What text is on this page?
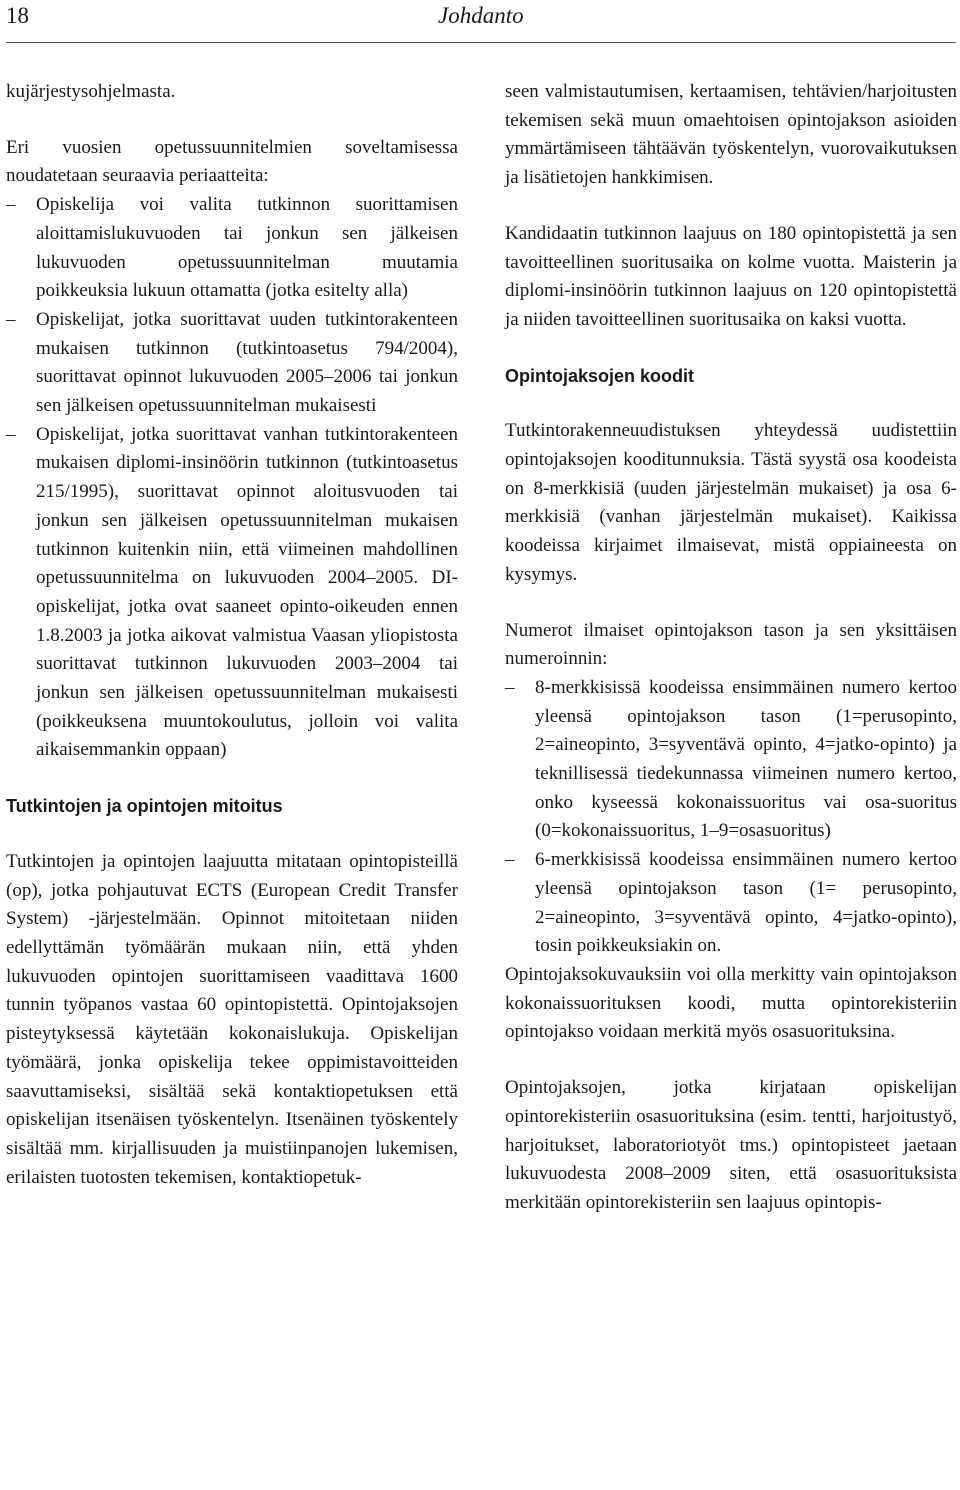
18	Johdanto

kujärjestysohjelmasta.

Eri vuosien opetussuunnitelmien soveltamisessa noudatetaan seuraavia periaatteita:

– Opiskelija voi valita tutkinnon suorittamisen aloittamislukuvuoden tai jonkun sen jälkeisen lukuvuoden opetussuunnitelman muutamia poikkeuksia lukuun ottamatta (jotka esitelty alla)
– Opiskelijat, jotka suorittavat uuden tutkintorakenteen mukaisen tutkinnon (tutkintoasetus 794/2004), suorittavat opinnot lukuvuoden 2005–2006 tai jonkun sen jälkeisen opetussuunnitelman mukaisesti
– Opiskelijat, jotka suorittavat vanhan tutkintorakenteen mukaisen diplomi-insinöörin tutkinnon (tutkintoasetus 215/1995), suorittavat opinnot aloitusvuoden tai jonkun sen jälkeisen opetussuunnitelman mukaisen tutkinnon kuitenkin niin, että viimeinen mahdollinen opetussuunnitelma on lukuvuoden 2004–2005. DI-opiskelijat, jotka ovat saaneet opinto-oikeuden ennen 1.8.2003 ja jotka aikovat valmistua Vaasan yliopistosta suorittavat tutkinnon lukuvuoden 2003–2004 tai jonkun sen jälkeisen opetussuunnitelman mukaisesti (poikkeuksena muuntokoulutus, jolloin voi valita aikaisemmankin oppaan)

Tutkintojen ja opintojen mitoitus

Tutkintojen ja opintojen laajuutta mitataan opintopisteillä (op), jotka pohjautuvat ECTS (European Credit Transfer System) -järjestelmään. Opinnot mitoitetaan niiden edellyttämän työmäärän mukaan niin, että yhden lukuvuoden opintojen suorittamiseen vaadittava 1600 tunnin työpanos vastaa 60 opintopistettä. Opintojaksojen pisteytyksessä käytetään kokonaislukuja. Opiskelijan työmäärä, jonka opiskelija tekee oppimistavoitteiden saavuttamiseksi, sisältää sekä kontaktiopetuksen että opiskelijan itsenäisen työskentelyn. Itsenäinen työskentely sisältää mm. kirjallisuuden ja muistiinpanojen lukemisen, erilaisten tuotosten tekemisen, kontaktiopetuk-

seen valmistautumisen, kertaamisen, tehtävien/harjoitusten tekemisen sekä muun omaehtoisen opintojakson asioiden ymmärtämiseen tähtäävän työskentelyn, vuorovaikutuksen ja lisätietojen hankkimisen.

Kandidaatin tutkinnon laajuus on 180 opintopistettä ja sen tavoitteellinen suoritusaika on kolme vuotta. Maisterin ja diplomi-insinöörin tutkinnon laajuus on 120 opintopistettä ja niiden tavoitteellinen suoritusaika on kaksi vuotta.

Opintojaksojen koodit

Tutkintorakenneuudistuksen yhteydessä uudistettiin opintojaksojen kooditunnuksia. Tästä syystä osa koodeista on 8-merkkisiä (uuden järjestelmän mukaiset) ja osa 6-merkkisiä (vanhan järjestelmän mukaiset). Kaikissa koodeissa kirjaimet ilmaisevat, mistä oppiaineesta on kysymys.

Numerot ilmaiset opintojakson tason ja sen yksittäisen numeroinnin:

– 8-merkkisissä koodeissa ensimmäinen numero kertoo yleensä opintojakson tason (1=perusopinto, 2=aineopinto, 3=syventävä opinto, 4=jatko-opinto) ja teknillisessä tiedekunnassa viimeinen numero kertoo, onko kyseessä kokonaissuoritus vai osa-suoritus (0=kokonaissuoritus, 1–9=osasuoritus)
– 6-merkkisissä koodeissa ensimmäinen numero kertoo yleensä opintojakson tason (1= perusopinto, 2=aineopinto, 3=syventävä opinto, 4=jatko-opinto), tosin poikkeuksiakin on.

Opintojaksokuvauksiin voi olla merkitty vain opintojakson kokonaissuorituksen koodi, mutta opintorekisteriin opintojakso voidaan merkitä myös osasuorituksina.

Opintojaksojen, jotka kirjataan opiskelijan opintorekisteriin osasuorituksina (esim. tentti, harjoitustyö, harjoitukset, laboratoriotyöt tms.) opintopisteet jaetaan lukuvuodesta 2008–2009 siten, että osasuorituksista merkitään opintorekisteriin sen laajuus opintopis-
